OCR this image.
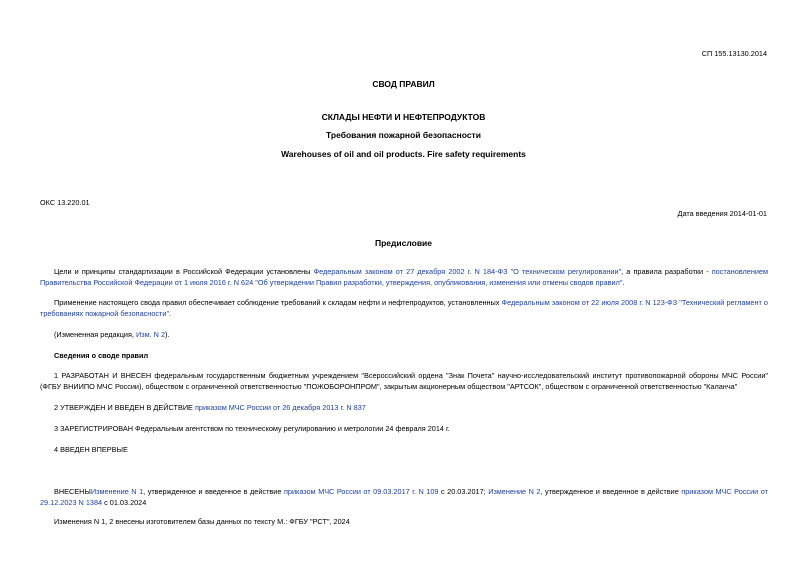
СП 155.13130.2014
СВОД ПРАВИЛ
СКЛАДЫ НЕФТИ И НЕФТЕПРОДУКТОВ
Требования пожарной безопасности
Warehouses of oil and oil products. Fire safety requirements
ОКС 13.220.01
Дата введения 2014-01-01
Предисловие
Цели и принципы стандартизации в Российской Федерации установлены Федеральным законом от 27 декабря 2002 г. N 184-ФЗ "О техническом регулировании", а правила разработки - постановлением Правительства Российской Федерации от 1 июля 2016 г. N 624 "Об утверждении Правил разработки, утверждения, опубликования, изменения или отмены сводов правил".
Применение настоящего свода правил обеспечивает соблюдение требований к складам нефти и нефтепродуктов, установленных Федеральным законом от 22 июля 2008 г. N 123-ФЗ "Технический регламент о требованиях пожарной безопасности".
(Измененная редакция, Изм. N 2).
Сведения о своде правил
1 РАЗРАБОТАН И ВНЕСЕН федеральным государственным бюджетным учреждением "Всероссийский ордена "Знак Почета" научно-исследовательский институт противопожарной обороны МЧС России" (ФГБУ ВНИИПО МЧС России), обществом с ограниченной ответственностью "ПОЖОБОРОНПРОМ", закрытым акционерным обществом "АРТСОК", обществом с ограниченной ответственностью "Каланча"
2 УТВЕРЖДЕН И ВВЕДЕН В ДЕЙСТВИЕ приказом МЧС России от 26 декабря 2013 г. N 837
3 ЗАРЕГИСТРИРОВАН Федеральным агентством по техническому регулированию и метрологии 24 февраля 2014 г.
4 ВВЕДЕН ВПЕРВЫЕ
ВНЕСЕНЫИзменение N 1, утвержденное и введенное в действие приказом МЧС России от 09.03.2017 г. N 109 с 20.03.2017; Изменение N 2, утвержденное и введенное в действие приказом МЧС России от 29.12.2023 N 1384 с 01.03.2024
Изменения N 1, 2 внесены изготовителем базы данных по тексту М.: ФГБУ "РСТ", 2024
